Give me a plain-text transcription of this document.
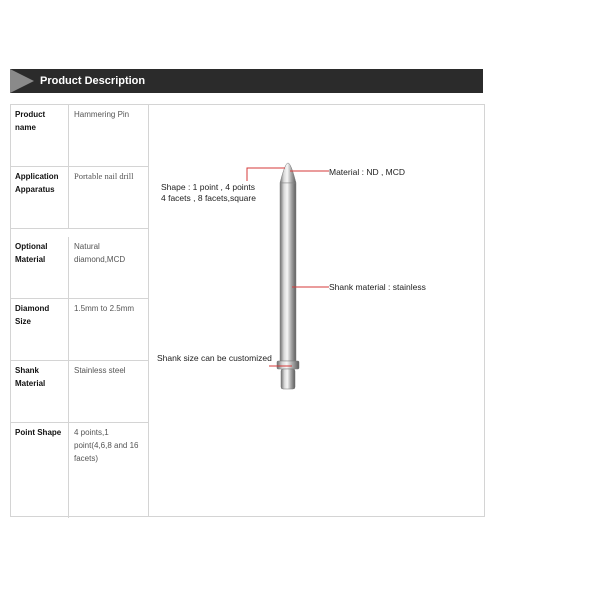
Product Description
Product name
Hammering Pin
Application Apparatus
Portable nail drill
Optional Material
Natural diamond,MCD
Diamond Size
1.5mm to 2.5mm
Shank Material
Stainless steel
Point Shape	4 points,1 point(4,6,8 and 16 facets)
Material : ND , MCD
Shape : 1 point , 4 points
4 facets , 8 facets,square
Shank material : stainless
Shank size can be customized
